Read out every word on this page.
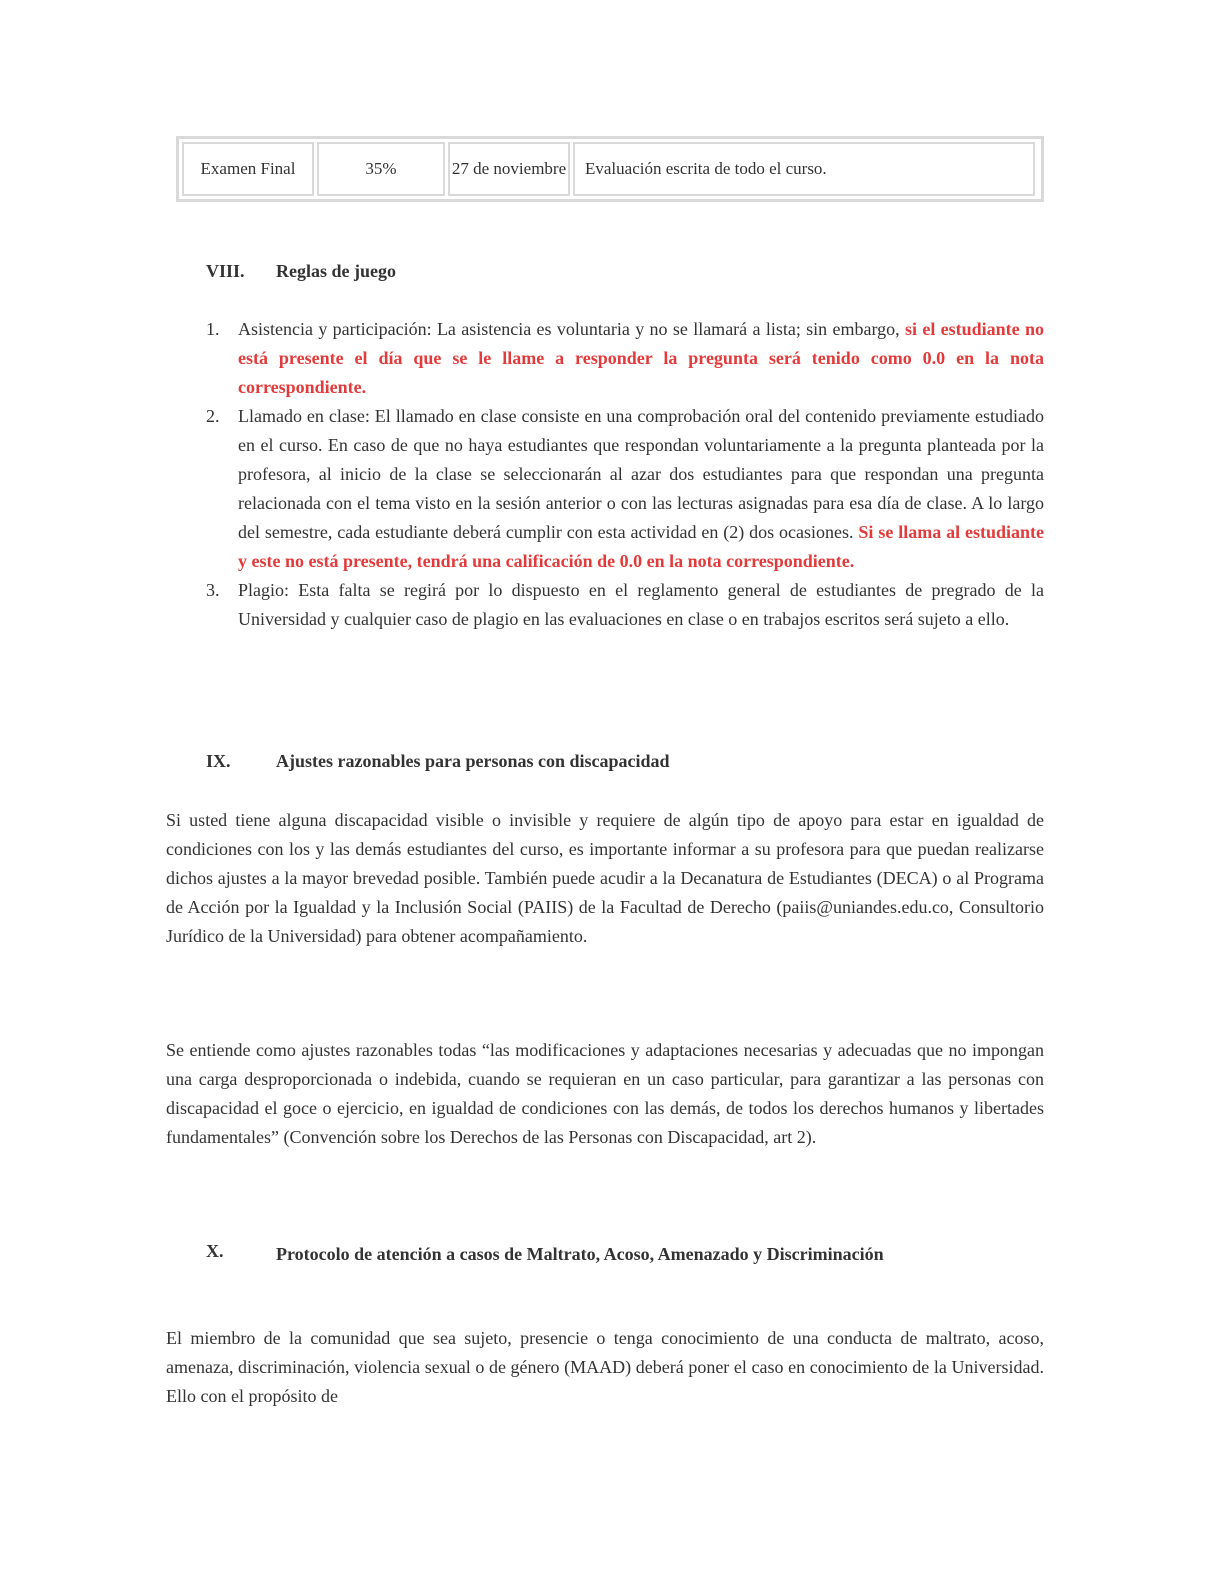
Examen Final	35%	27 de noviembre	Evaluación escrita de todo el curso.
VIII.	Reglas de juego
1.	Asistencia y participación: La asistencia es voluntaria y no se llamará a lista; sin embargo, si el estudiante no está presente el día que se le llame a responder la pregunta será tenido como 0.0 en la nota correspondiente.
2.	Llamado en clase: El llamado en clase consiste en una comprobación oral del contenido previamente estudiado en el curso. En caso de que no haya estudiantes que respondan voluntariamente a la pregunta planteada por la profesora, al inicio de la clase se seleccionarán al azar dos estudiantes para que respondan una pregunta relacionada con el tema visto en la sesión anterior o con las lecturas asignadas para esa día de clase. A lo largo del semestre, cada estudiante deberá cumplir con esta actividad en (2) dos ocasiones. Si se llama al estudiante y este no está presente, tendrá una calificación de 0.0 en la nota correspondiente.
3.	Plagio: Esta falta se regirá por lo dispuesto en el reglamento general de estudiantes de pregrado de la Universidad y cualquier caso de plagio en las evaluaciones en clase o en trabajos escritos será sujeto a ello.
IX.	Ajustes razonables para personas con discapacidad

Si usted tiene alguna discapacidad visible o invisible y requiere de algún tipo de apoyo para estar en igualdad de condiciones con los y las demás estudiantes del curso, es importante informar a su profesora para que puedan realizarse dichos ajustes a la mayor brevedad posible. También puede acudir a la Decanatura de Estudiantes (DECA) o al Programa de Acción por la Igualdad y la Inclusión Social (PAIIS) de la Facultad de Derecho (paiis@uniandes.edu.co, Consultorio Jurídico de la Universidad) para obtener acompañamiento.

Se entiende como ajustes razonables todas “las modificaciones y adaptaciones necesarias y adecuadas que no impongan una carga desproporcionada o indebida, cuando se requieran en un caso particular, para garantizar a las personas con discapacidad el goce o ejercicio, en igualdad de condiciones con las demás, de todos los derechos humanos y libertades fundamentales” (Convención sobre los Derechos de las Personas con Discapacidad, art 2).

X.	Protocolo de atención a casos de Maltrato, Acoso, Amenazado y Discriminación

El miembro de la comunidad que sea sujeto, presencie o tenga conocimiento de una conducta de maltrato, acoso, amenaza, discriminación, violencia sexual o de género (MAAD) deberá poner el caso en conocimiento de la Universidad. Ello con el propósito de
